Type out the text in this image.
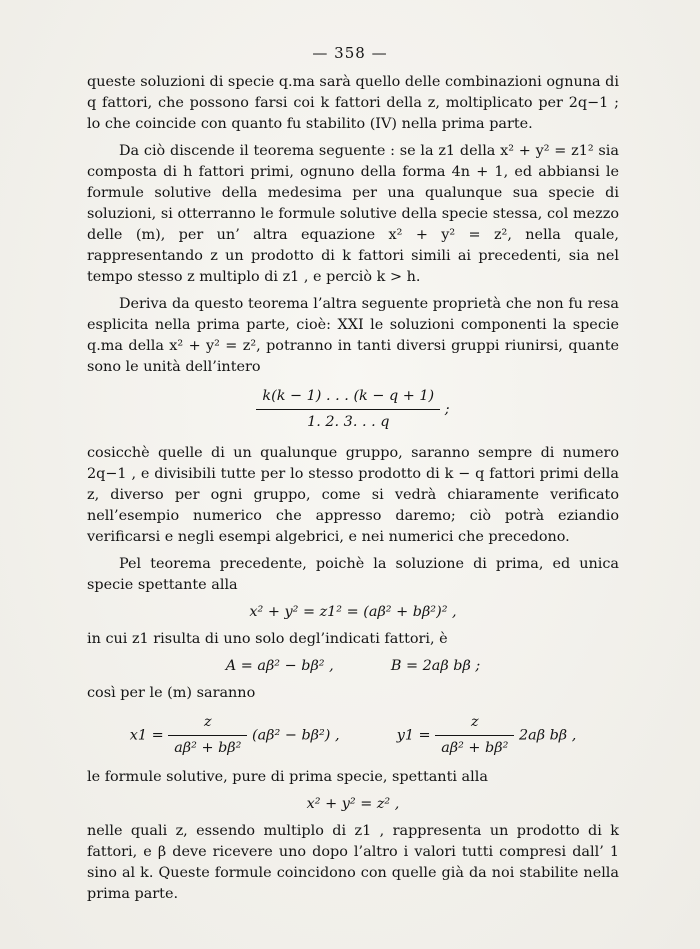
— 358 —

queste soluzioni di specie q.ma sarà quello delle combinazioni ognuna di q fattori, che possono farsi coi k fattori della z, moltiplicato per 2q−1 ; lo che coincide con quanto fu stabilito (IV) nella prima parte.

Da ciò discende il teorema seguente : se la z1 della x² + y² = z1² sia composta di h fattori primi, ognuno della forma 4n + 1, ed abbiansi le formule solutive della medesima per una qualunque sua specie di soluzioni, si otterranno le formule solutive della specie stessa, col mezzo delle (m), per un’ altra equazione x² + y² = z², nella quale, rappresentando z un prodotto di k fattori simili ai precedenti, sia nel tempo stesso z multiplo di z1 , e perciò k > h.

Deriva da questo teorema l’altra seguente proprietà che non fu resa esplicita nella prima parte, cioè: XXI le soluzioni componenti la specie q.ma della x² + y² = z², potranno in tanti diversi gruppi riunirsi, quante sono le unità dell’intero

$\frac{k(k - 1) . . . (k - q + 1)}{1. 2. 3. . . q}$ ;

cosicchè quelle di un qualunque gruppo, saranno sempre di numero 2q−1 , e divisibili tutte per lo stesso prodotto di k − q fattori primi della z, diverso per ogni gruppo, come si vedrà chiaramente verificato nell’esempio numerico che appresso daremo; ciò potrà eziandio verificarsi e negli esempi algebrici, e nei numerici che precedono.

Pel teorema precedente, poichè la soluzione di prima, ed unica specie spettante alla

x² + y² = z1² = (aβ² + bβ²)² ,

in cui z1 risulta di uno solo degl’indicati fattori, è

A = aβ² − bβ² ,	B = 2aβ bβ ;

così per le (m) saranno

$x1 = \frac{z}{\text{aβ² + bβ²}} (a\beta^2 - b\beta^2)$ ,	$y1 = \frac{z}{\text{aβ² + bβ²}} 2a\beta$ bβ ,

le formule solutive, pure di prima specie, spettanti alla

x² + y² = z² ,

nelle quali z, essendo multiplo di z1 , rappresenta un prodotto di k fattori, e β deve ricevere uno dopo l’altro i valori tutti compresi dall’ 1 sino al k. Queste formule coincidono con quelle già da noi stabilite nella prima parte.
